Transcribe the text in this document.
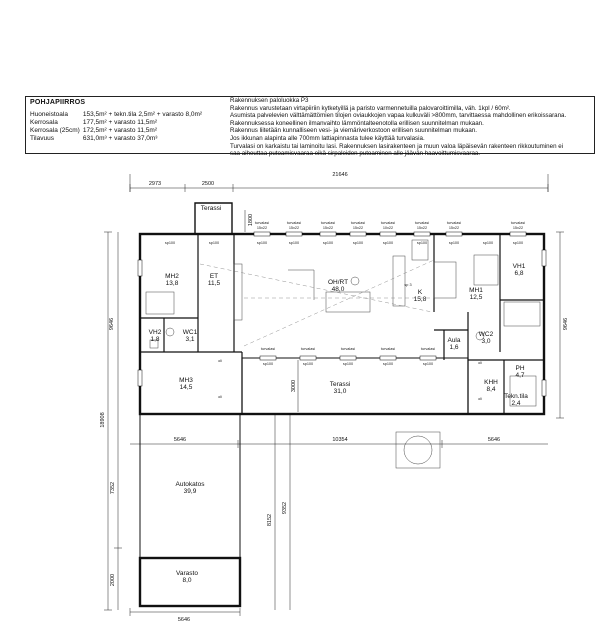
POHJAPIIRROS
Huoneistoala	153,5m² + tekn.tila 2,5m² + varasto 8,0m²
Kerrosala	177,5m² + varasto 11,5m²
Kerrosala (25cm)	172,5m² + varasto 11,5m²
Tilavuus	631,0m³ + varasto 37,0m³
Rakennuksen paloluokka P3
Rakennus varustetaan virtapiiriin kytketyillä ja paristo varmennetuilla palovaroittimilla, väh. 1kpl / 60m².
Asumista palvelevien välttämättömien tilojen oviaukkojen vapaa kulkuväli >800mm, tarvittaessa mahdollinen erikoissarana.
Rakennuksessa koneellinen ilmanvaihto lämmöntalteenotolla erillisen suunnitelman mukaan.
Rakennus liitetään kunnalliseen vesi- ja viemäriverkostoon erillisen suunnitelman mukaan.
Jos ikkunan alapinta alle 700mm lattiapinnasta tulee käyttää turvalasia.
Turvalasi on karkaistu tai laminoitu lasi. Rakennuksen lasirakenteen ja muun valoa läpäisevän rakenteen rikkoutuminen ei
saa aiheuttaa putoamisvaaraa eikä sirpaleiden putoaminen alle jäävän haavoittumisvaaraa.
MH2
13,8
ET
11,5	OH/RT
48,0	K
15,8
MH1
12,5
VH1
6,8
VH2
1,8
WC1
3,1
MH3
14,5	Terassi
31,0
Aula
1,6
WC2
3,0
KHH
8,4
PH
4,7
Tekn.tila
2,4
Autokatos
39,9
Varasto
8,0
Terassi
2973	2500
21646
1800
18908
9646	9646
5646	10354	5646
7352
2000
3000
8152
9352
5646
turvalasi
15x22
sp100
turvalasi
15x22
sp100
turvalasi
15x22
sp100
turvalasi
15x22
sp100
turvalasi
10x22
sp100
turvalasi
15x22
sp100
turvalasi
15x22
sp100
turvalasi
15x22
sp100
turvalasi
sp100
turvalasi
sp100
turvalasi
sp100
turvalasi
sp100
turvalasi
sp100
sp100	sp100	sp100
oli
oli
oli
oli
sp 3
